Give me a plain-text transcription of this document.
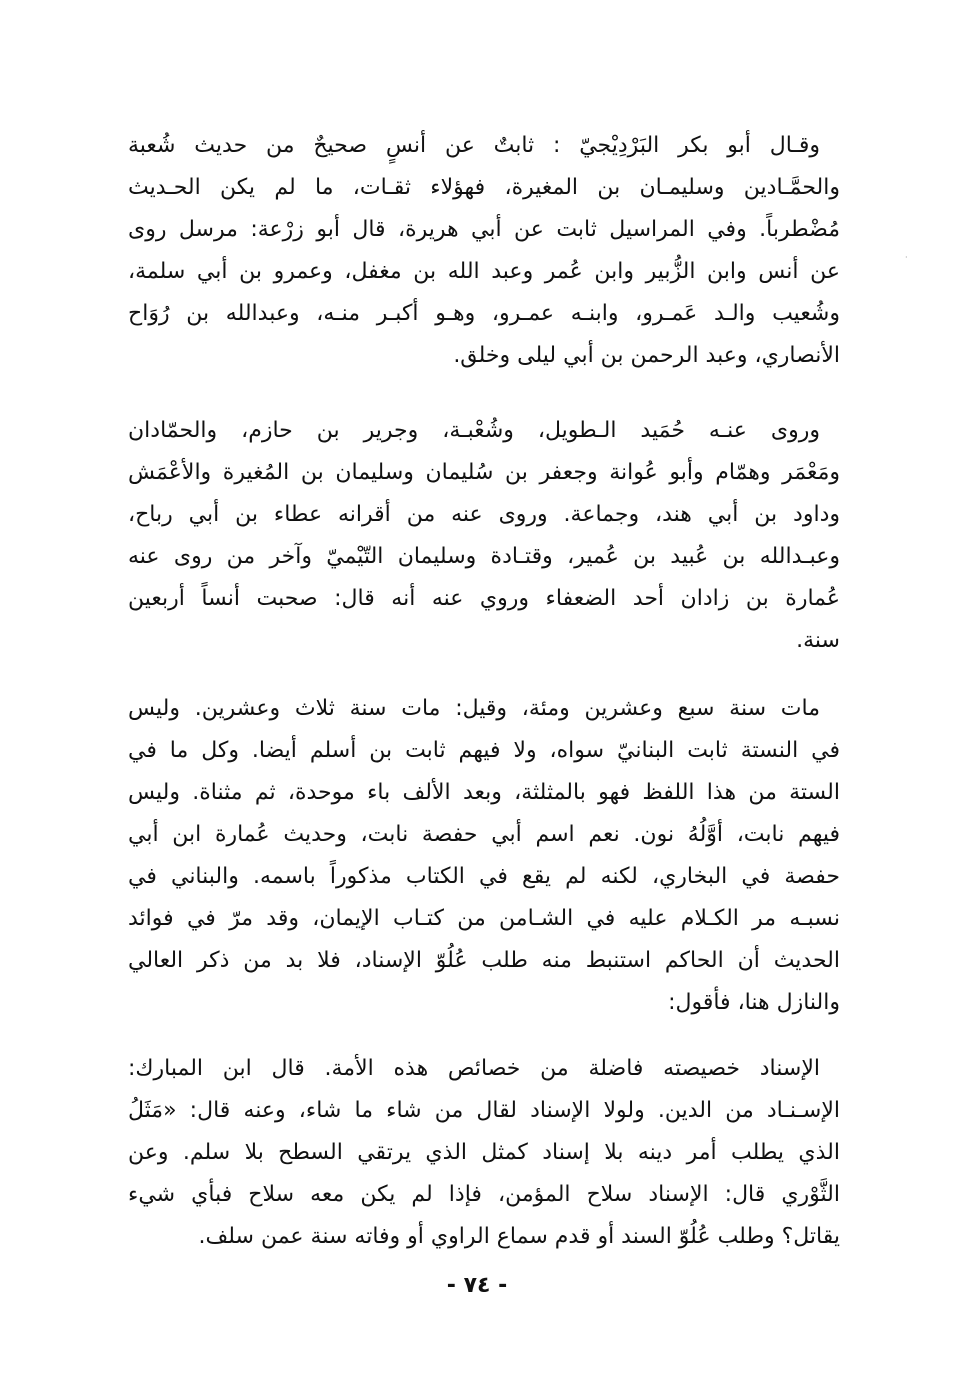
·
وقـال أبو بكر البَرْدِيْجيّ : ثابتٌ عن أنسٍ صحيحٌ من حديث شُعبة
والحمَّـادين وسليمـان بن المغيرة، فهؤلاء ثقـات، ما لم يكن الحـديث
مُضْطرباً. وفي المراسيل ثابت عن أبي هريرة، قال أبو زرْعة: مرسل روى
عن أنس وابن الزُّبير وابن عُمر وعبد الله بن مغفل، وعمرو بن أبي سلمة،
وشُعيب والـد عَمـرو، وابنـه عمـرو، وهـو أكبـر منـه، وعبدالله بن رُوَاح
الأنصاري، وعبد الرحمن بن أبي ليلى وخلق.
وروى عنـه حُمَيد الـطويل، وشُعْبـة، وجرير بن حازم، والحمّادان
ومَعْمَر وهمّام وأبو عُوانة وجعفر بن سُليمان وسليمان بن المُغيرة والأعْمَش
وداود بن أبي هند، وجماعة. وروى عنه من أقرانه عطاء بن أبي رباح،
وعبـدالله بن عُبيد بن عُمير، وقتـادة وسليمان التّيْميّ وآخر من روى عنه
عُمارة بن زادان أحد الضعفاء وروي عنه أنه قال: صحبت أنساً أربعين
سنة.
مات سنة سبع وعشرين ومئة، وقيل: مات سنة ثلاث وعشرين. وليس
في النستة ثابت البنانيّ سواه، ولا فيهم ثابت بن أسلم أيضا. وكل ما في
الستة من هذا اللفظ فهو بالمثلثة، وبعد الألف باء موحدة، ثم مثناة. وليس
فيهم نابت، أوَّلُهُ نون. نعم اسم أبي حفصة نابت، وحديث عُمارة ابن أبي
حفصة في البخاري، لكنه لم يقع في الكتاب مذكوراً باسمه. والبناني في
نسبـه مر الكـلام عليه في الشـامن من كتـاب الإيمان، وقد مرّ في فوائد
الحديث أن الحاكم استنبط منه طلب عُلُوّ الإسناد، فلا بد من ذكر العالي
والنازل هنا، فأقول:
الإسناد خصيصته فاضلة من خصائص هذه الأمة. قال ابن المبارك:
الإسـنـاد من الدين. ولولا الإسناد لقال من شاء ما شاء، وعنه قال: «مَثَلُ
الذي يطلب أمر دينه بلا إسناد كمثل الذي يرتقي السطح بلا سلم. وعن
الثَّوْري قال: الإسناد سلاح المؤمن، فإذا لم يكن معه سلاح فبأي شيء
يقاتل؟ وطلب عُلُوّ السند أو قدم سماع الراوي أو وفاته سنة عمن سلف.
- ٧٤ -
